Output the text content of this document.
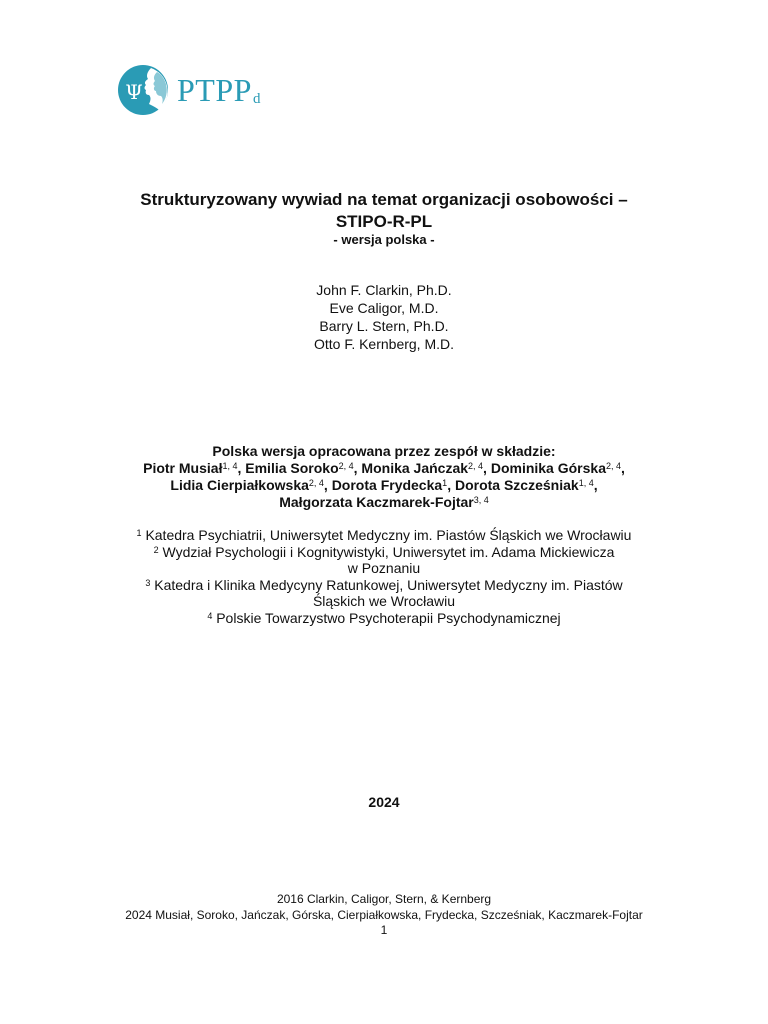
Ψ $PTPP_d$
Strukturyzowany wywiad na temat organizacji osobowości –
STIPO-R-PL
- wersja polska -
John F. Clarkin, Ph.D.
Eve Caligor, M.D.
Barry L. Stern, Ph.D.
Otto F. Kernberg, M.D.
Polska wersja opracowana przez zespół w składzie:
Piotr Musiał$^{1, 4}$, Emilia Soroko$^{2, 4}$, Monika Jańczak$^{2, 4}$, Dominika Górska$^{2, 4}$,
Lidia Cierpiałkowska$^{2, 4}$, Dorota Frydecka$^1$, Dorota Szcześniak$^{1, 4}$,
Małgorzata Kaczmarek-Fojtar$^{3, 4}$
$^1$ Katedra Psychiatrii, Uniwersytet Medyczny im. Piastów Śląskich we Wrocławiu
$^2$ Wydział Psychologii i Kognitywistyki, Uniwersytet im. Adama Mickiewicza
w Poznaniu
$^3$ Katedra i Klinika Medycyny Ratunkowej, Uniwersytet Medyczny im. Piastów
Śląskich we Wrocławiu
$^4$ Polskie Towarzystwo Psychoterapii Psychodynamicznej
2024
2016 Clarkin, Caligor, Stern, & Kernberg
2024 Musiał, Soroko, Jańczak, Górska, Cierpiałkowska, Frydecka, Szcześniak, Kaczmarek-Fojtar
1
